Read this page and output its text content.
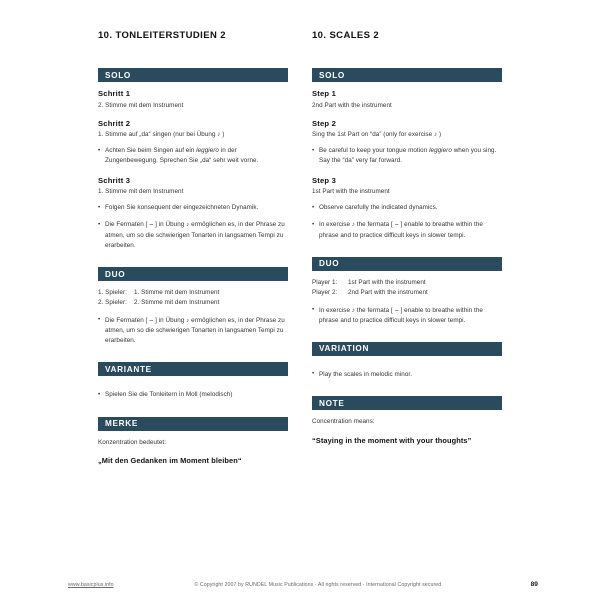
10. TONLEITERSTUDIEN 2
SOLO
Schritt 1
2. Stimme mit dem Instrument
Schritt 2
1. Stimme auf „da“ singen (nur bei Übung ♪ )
• Achten Sie beim Singen auf ein leggiero in der Zungenbewegung. Sprechen Sie „da“ sehr weit vorne.
Schritt 3
1. Stimme mit dem Instrument
• Folgen Sie konsequent der eingezeichneten Dynamik.
• Die Fermaten [ ⌢ ] in Übung ♪ ermöglichen es, in der Phrase zu atmen, um so die schwierigen Tonarten in langsamen Tempi zu erarbeiten.
DUO
1. Spieler:	1. Stimme mit dem Instrument
2. Spieler:	2. Stimme mit dem Instrument
• Die Fermaten [ ⌢ ] in Übung ♪ ermöglichen es, in der Phrase zu atmen, um so die schwierigen Tonarten in langsamen Tempi zu erarbeiten.
VARIANTE
• Spielen Sie die Tonleitern in Moll (melodisch)
MERKE
Konzentration bedeutet:
„Mit den Gedanken im Moment bleiben“
10. SCALES 2
SOLO
Step 1
2nd Part with the instrument
Step 2
Sing the 1st Part on “da” (only for exercise ♪ )
• Be careful to keep your tongue motion leggiero when you sing. Say the “da” very far forward.
Step 3
1st Part with the instrument
• Observe carefully the indicated dynamics.
• In exercise ♪ the fermata [ ⌢ ] enable to breathe within the phrase and to practice difficult keys in slower tempi.
DUO
Player 1:	1st Part with the instrument
Player 2:	2nd Part with the instrument
• In exercise ♪ the fermata [ ⌢ ] enable to breathe within the phrase and to practice difficult keys in slower tempi.
VARIATION
• Play the scales in melodic minor.
NOTE
Concentration means:
“Staying in the moment with your thoughts”
www.basicplus.info	© Copyright 2007 by RUNDEL Music Publications · All rights reserved · International Copyright secured	89
